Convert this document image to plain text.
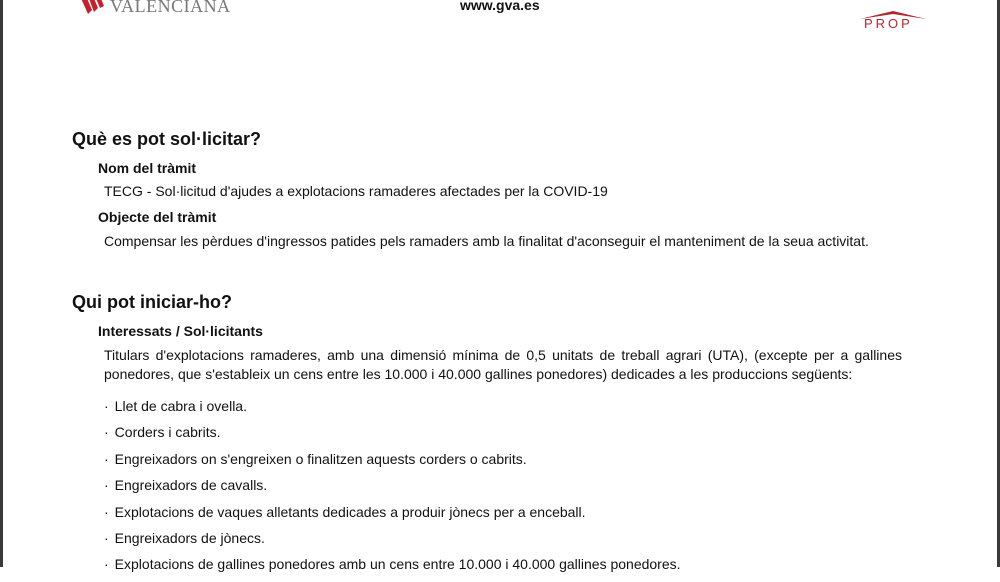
VALENCIANA	www.gva.es
PROP
Què es pot sol·licitar?
Nom del tràmit

TECG - Sol·licitud d'ajudes a explotacions ramaderes afectades per la COVID-19

Objecte del tràmit

Compensar les pèrdues d'ingressos patides pels ramaders amb la finalitat d'aconseguir el manteniment de la seua activitat.

Qui pot iniciar-ho?
Interessats / Sol·licitants

Titulars d'explotacions ramaderes, amb una dimensió mínima de 0,5 unitats de treball agrari (UTA), (excepte per a gallines ponedores, que s'estableix un cens entre les 10.000 i 40.000 gallines ponedores) dedicades a les produccions següents:

· Llet de cabra i ovella.
· Corders i cabrits.
· Engreixadors on s'engreixen o finalitzen aquests corders o cabrits.
· Engreixadors de cavalls.
· Explotacions de vaques alletants dedicades a produir jònecs per a enceball.
· Engreixadors de jònecs.
· Explotacions de gallines ponedores amb un cens entre 10.000 i 40.000 gallines ponedores.
